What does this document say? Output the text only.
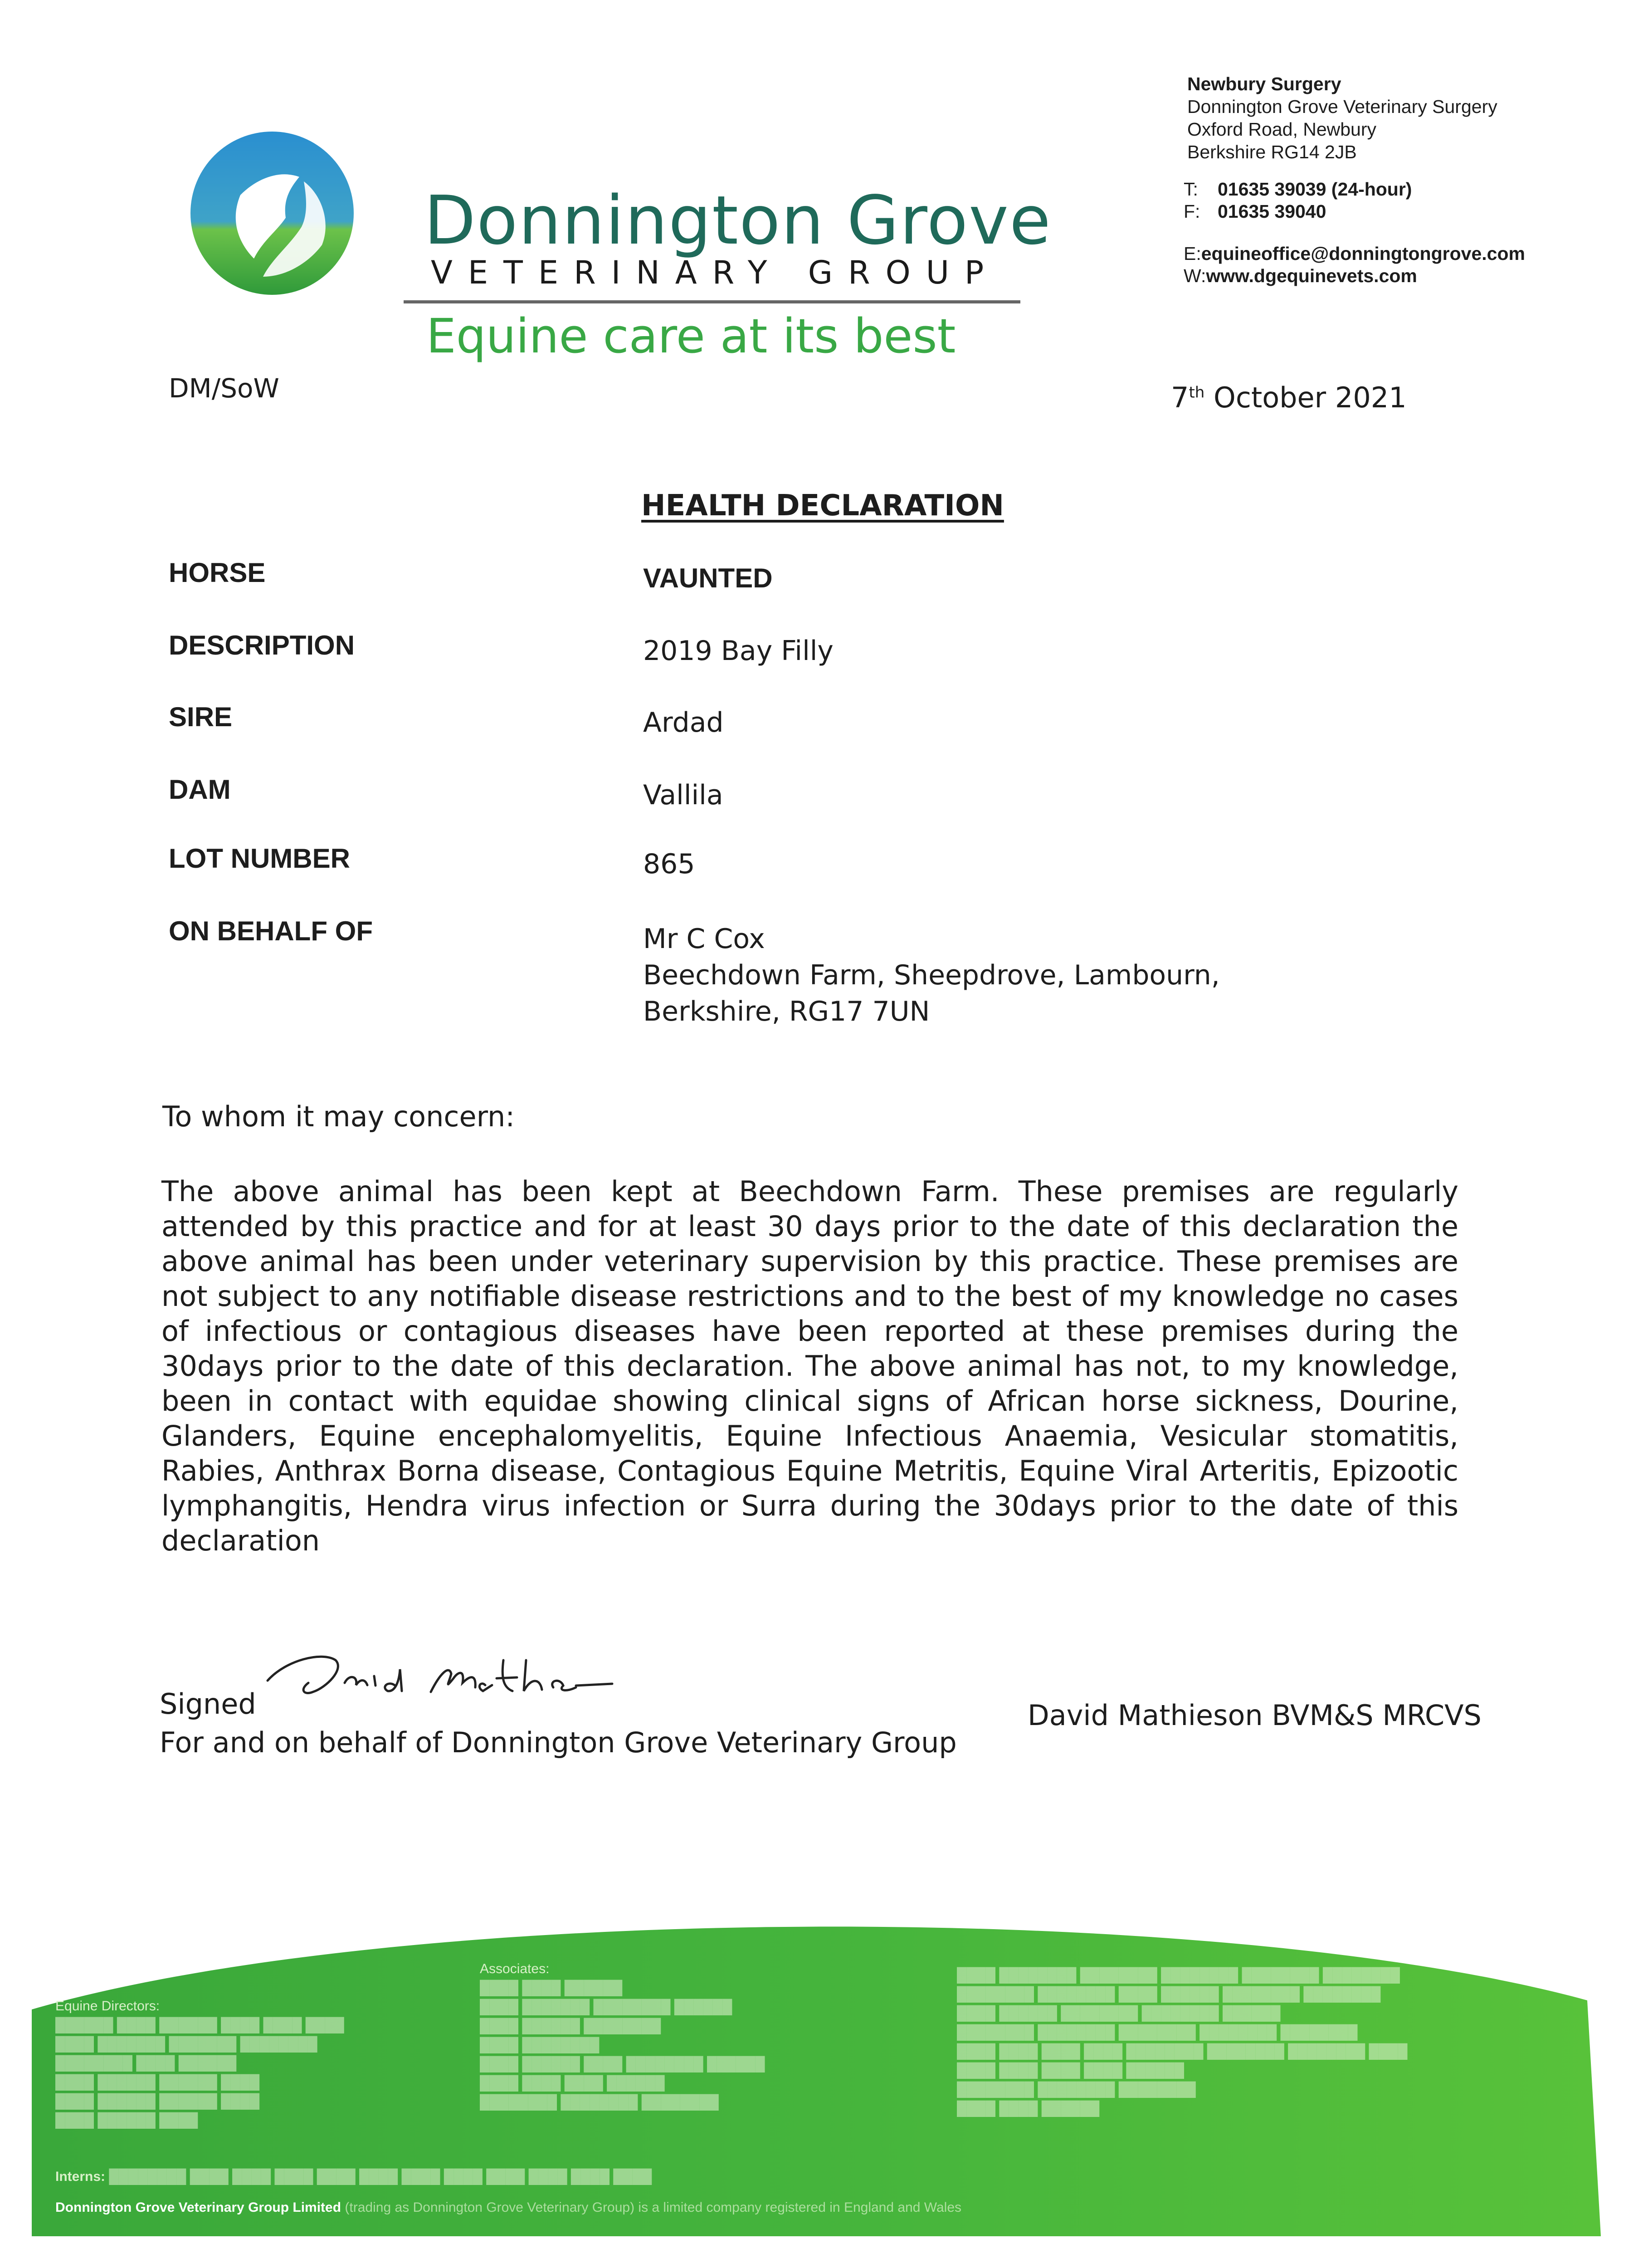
Donnington Grove
VETERINARY GROUP
Equine care at its best
Newbury Surgery
Donnington Grove Veterinary Surgery
Oxford Road, Newbury
Berkshire RG14 2JB
T: 01635 39039 (24-hour)
F: 01635 39040
E:equineoffice@donningtongrove.com
W:www.dgequinevets.com
DM/SoW	7th October 2021
HEALTH DECLARATION
HORSE	VAUNTED
DESCRIPTION	2019 Bay Filly
SIRE	Ardad
DAM	Vallila
LOT NUMBER	865
ON BEHALF OF	Mr C Cox
Beechdown Farm, Sheepdrove, Lambourn,
Berkshire, RG17 7UN
To whom it may concern:
The above animal has been kept at Beechdown Farm. These premises are regularly attended by this practice and for at least 30 days prior to the date of this declaration the above animal has been under veterinary supervision by this practice. These premises are not subject to any notifiable disease restrictions and to the best of my knowledge no cases of infectious or contagious diseases have been reported at these premises during the 30days prior to the date of this declaration. The above animal has not, to my knowledge, been in contact with equidae showing clinical signs of African horse sickness, Dourine, Glanders, Equine encephalomyelitis, Equine Infectious Anaemia, Vesicular stomatitis, Rabies, Anthrax Borna disease, Contagious Equine Metritis, Equine Viral Arteritis, Epizootic lymphangitis, Hendra virus infection or Surra during the 30days prior to the date of this declaration
Signed
For and on behalf of Donnington Grove Veterinary Group
David Mathieson BVM&S MRCVS
Equine Directors:
██████ ████ ██████ ████ ████ ████
████ ███████ ███████ ████████
████████ ████ ██████
████ ██████ ██████ ████
████ ██████ ██████ ████
████ ██████ ████
Associates:
████ ████ ██████
████ ███████ ████████ ██████
████ ██████ ████████
████ ████████
████ ██████ ████ ████████ ██████
████ ████ ████ ██████
████████ ████████ ████████
████ ████████ ████████ ████████ ████████ ████████
████████ ████████ ████ ██████ ████████ ████████
████ ██████ ████████ ████████ ██████
████████ ████████ ████████ ████████ ████████
████ ████ ████ ████ ████████ ████████ ████████ ████
████ ████ ████ ████ ██████
████████ ████████ ████████
████ ████ ██████
Interns: ████████ ████ ████ ████ ████ ████ ████ ████ ████ ████ ████ ████
Donnington Grove Veterinary Group Limited (trading as Donnington Grove Veterinary Group) is a limited company registered in England and Wales
